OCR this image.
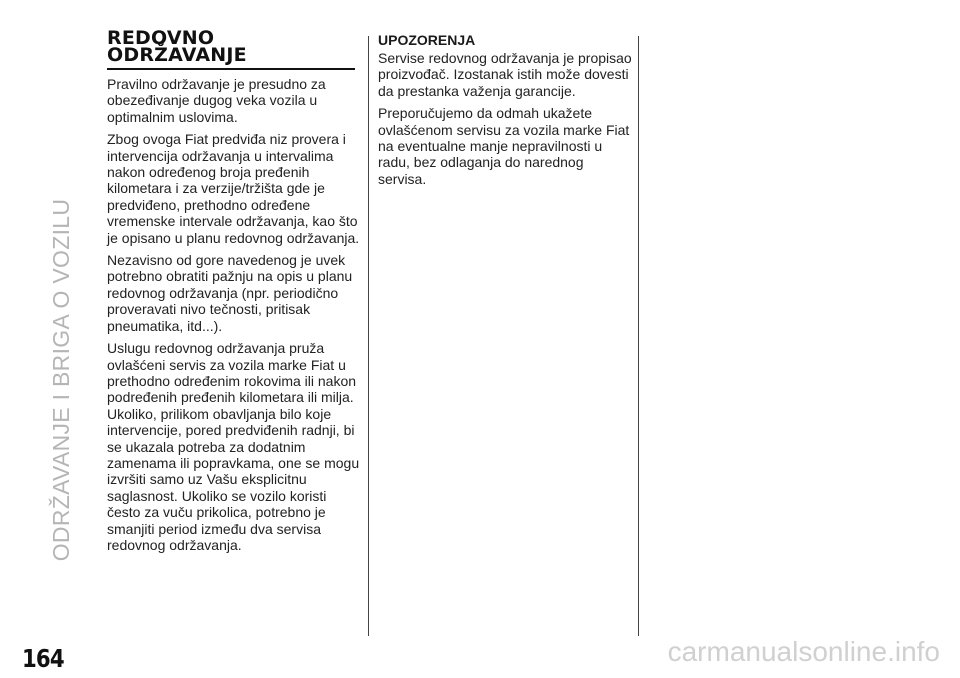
ODRŽAVANJE I BRIGA O VOZILU
REDOVNO
ODRŽAVANJE

Pravilno održavanje je presudno za obezeđivanje dugog veka vozila u optimalnim uslovima.

Zbog ovoga Fiat predviđa niz provera i intervencija održavanja u intervalima nakon određenog broja pređenih kilometara i za verzije/tržišta gde je predviđeno, prethodno određene vremenske intervale održavanja, kao što je opisano u planu redovnog održavanja.

Nezavisno od gore navedenog je uvek potrebno obratiti pažnju na opis u planu redovnog održavanja (npr. periodično proveravati nivo tečnosti, pritisak pneumatika, itd...).

Uslugu redovnog održavanja pruža ovlašćeni servis za vozila marke Fiat u prethodno određenim rokovima ili nakon podređenih pređenih kilometara ili milja. Ukoliko, prilikom obavljanja bilo koje intervencije, pored predviđenih radnji, bi se ukazala potreba za dodatnim zamenama ili popravkama, one se mogu izvršiti samo uz Vašu eksplicitnu saglasnost. Ukoliko se vozilo koristi često za vuču prikolica, potrebno je smanjiti period između dva servisa redovnog održavanja.

UPOZORENJA

Servise redovnog održavanja je propisao proizvođač. Izostanak istih može dovesti da prestanka važenja garancije.

Preporučujemo da odmah ukažete ovlašćenom servisu za vozila marke Fiat na eventualne manje nepravilnosti u radu, bez odlaganja do narednog servisa.

164	carmanualsonline.info
